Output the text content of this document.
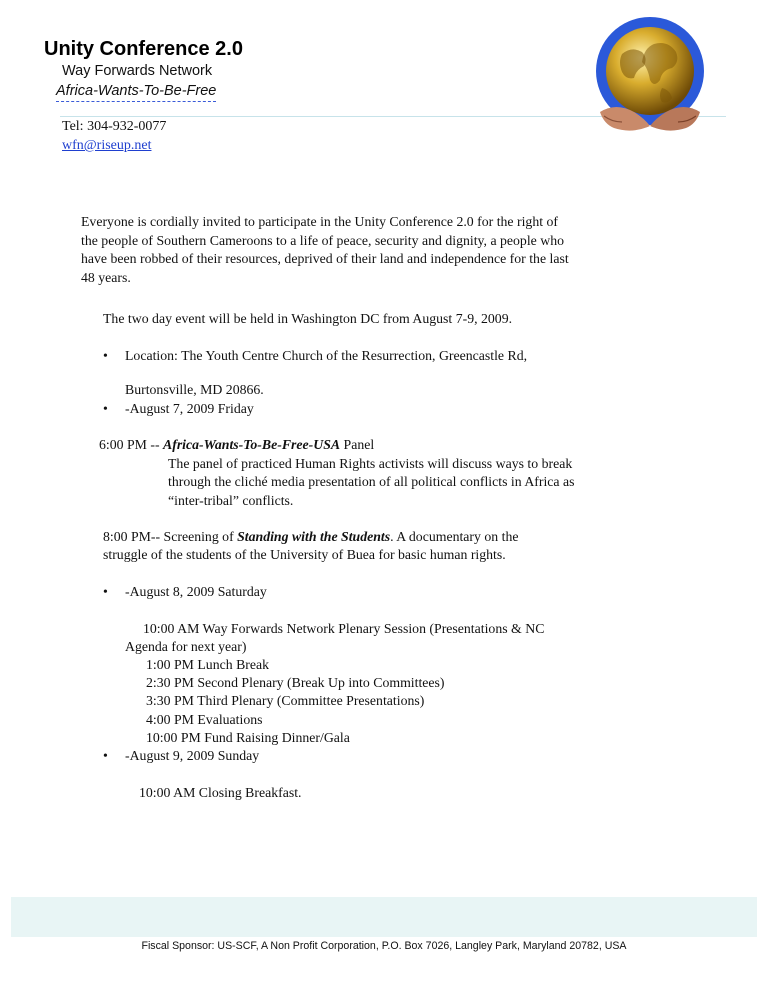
Unity Conference 2.0
Way Forwards Network
Africa-Wants-To-Be-Free
Tel: 304-932-0077
wfn@riseup.net
Everyone is cordially invited to participate in the Unity Conference 2.0 for the right of
the people of Southern Cameroons to a life of peace, security and dignity, a people who
have been robbed of their resources, deprived of their land and independence for the last
48 years.
The two day event will be held in Washington DC from August 7-9, 2009.
• Location: The Youth Centre Church of the Resurrection, Greencastle Rd,
Burtonsville, MD 20866.
• -August 7, 2009 Friday
6:00 PM -- Africa-Wants-To-Be-Free-USA Panel
The panel of practiced Human Rights activists will discuss ways to break
through the cliché media presentation of all political conflicts in Africa as
“inter-tribal” conflicts.
8:00 PM-- Screening of Standing with the Students. A documentary on the
struggle of the students of the University of Buea for basic human rights.
• -August 8, 2009 Saturday
10:00 AM Way Forwards Network Plenary Session (Presentations & NC
Agenda for next year)
1:00 PM Lunch Break
2:30 PM Second Plenary (Break Up into Committees)
3:30 PM Third Plenary (Committee Presentations)
4:00 PM Evaluations
10:00 PM Fund Raising Dinner/Gala
• -August 9, 2009 Sunday
10:00 AM Closing Breakfast.
Fiscal Sponsor: US-SCF, A Non Profit Corporation, P.O. Box 7026, Langley Park, Maryland 20782, USA
